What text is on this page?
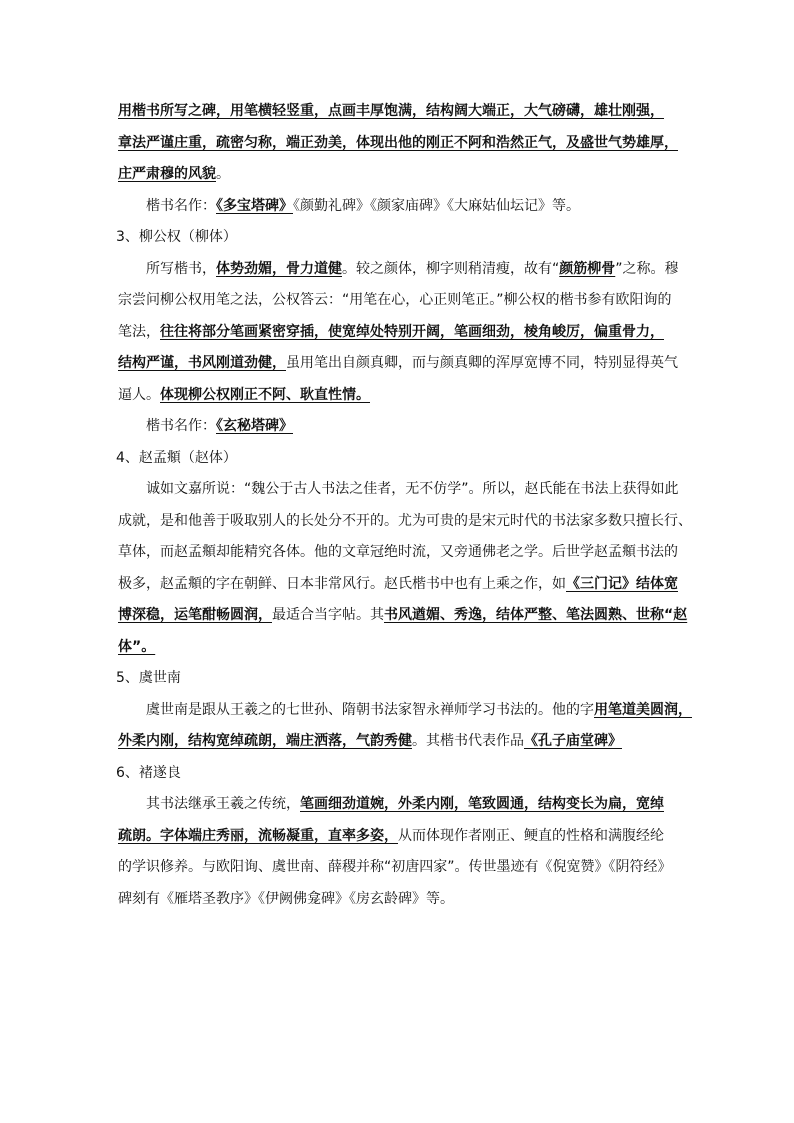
用楷书所写之碑，用笔横轻竖重，点画丰厚饱满，结构阔大端正，大气磅礴，雄壮刚强，
章法严谨庄重，疏密匀称，端正劲美，体现出他的刚正不阿和浩然正气，及盛世气势雄厚，
庄严肃穆的风貌。
楷书名作：《多宝塔碑》《颜勤礼碑》《颜家庙碑》《大麻姑仙坛记》等。
3、柳公权（柳体）
所写楷书，体势劲媚，骨力道健。较之颜体，柳字则稍清瘦，故有“颜筋柳骨”之称。穆
宗尝问柳公权用笔之法，公权答云：“用笔在心，心正则笔正。”柳公权的楷书参有欧阳询的
笔法，往往将部分笔画紧密穿插，使宽绰处特别开阔，笔画细劲，棱角峻厉，偏重骨力，
结构严谨，书风刚道劲健，虽用笔出自颜真卿，而与颜真卿的浑厚宽博不同，特别显得英气
逼人。体现柳公权刚正不阿、耿直性情。
楷书名作：《玄秘塔碑》
4、赵孟頫（赵体）
诚如文嘉所说：“魏公于古人书法之佳者，无不仿学”。所以，赵氏能在书法上获得如此
成就，是和他善于吸取别人的长处分不开的。尤为可贵的是宋元时代的书法家多数只擅长行、
草体，而赵孟頫却能精究各体。他的文章冠绝时流，又旁通佛老之学。后世学赵孟頫书法的
极多，赵孟頫的字在朝鲜、日本非常风行。赵氏楷书中也有上乘之作，如《三门记》结体宽
博深稳，运笔酣畅圆润，最适合当字帖。其书风遒媚、秀逸，结体严整、笔法圆熟、世称“赵
体”。
5、虞世南
虞世南是跟从王羲之的七世孙、隋朝书法家智永禅师学习书法的。他的字用笔道美圆润，
外柔内刚，结构宽绰疏朗，端庄洒落，气韵秀健。其楷书代表作品《孔子庙堂碑》
6、褚遂良
其书法继承王羲之传统，笔画细劲道婉，外柔内刚，笔致圆通，结构变长为扁，宽绰
疏朗。字体端庄秀丽，流畅凝重，直率多姿，从而体现作者刚正、鲠直的性格和满腹经纶
的学识修养。与欧阳询、虞世南、薛稷并称“初唐四家”。传世墨迹有《倪宽赞》《阴符经》
碑刻有《雁塔圣教序》《伊阙佛龛碑》《房玄龄碑》等。
